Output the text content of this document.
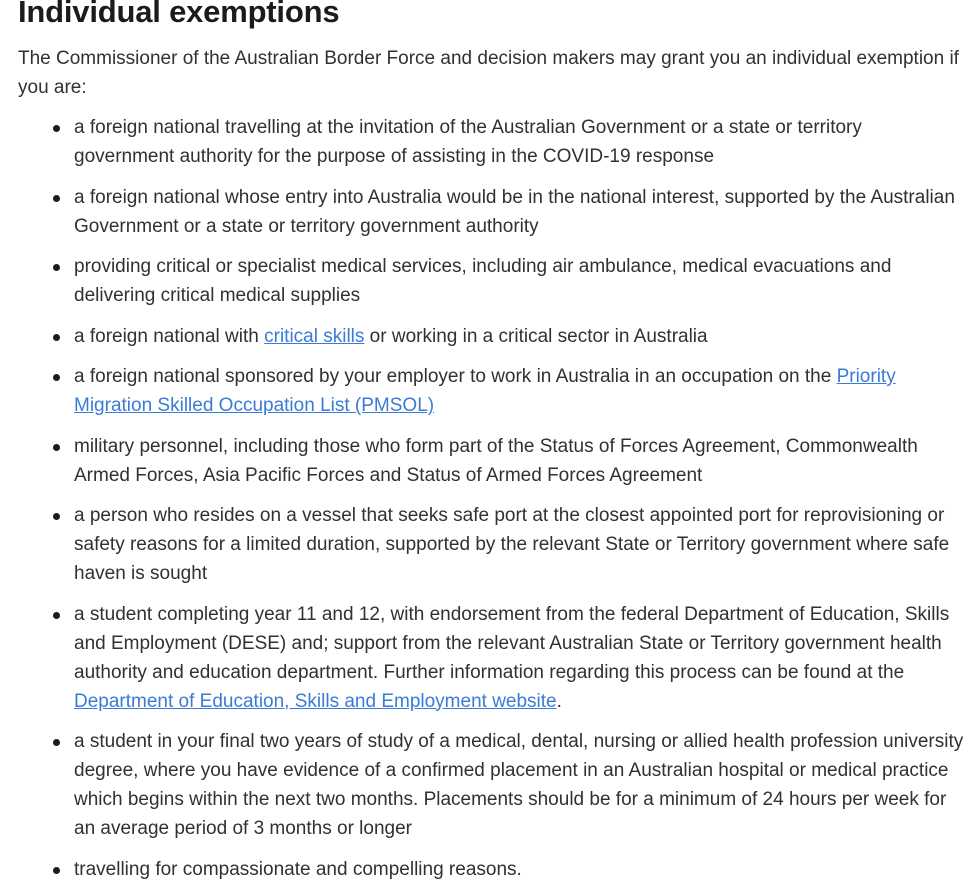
Individual exemptions

The Commissioner of the Australian Border Force and decision makers may grant you an individual exemption if you are:

a foreign national travelling at the invitation of the Australian Government or a state or territory government authority for the purpose of assisting in the COVID-19 response
a foreign national whose entry into Australia would be in the national interest, supported by the Australian Government or a state or territory government authority
providing critical or specialist medical services, including air ambulance, medical evacuations and delivering critical medical supplies
a foreign national with critical skills or working in a critical sector in Australia
a foreign national sponsored by your employer to work in Australia in an occupation on the Priority Migration Skilled Occupation List (PMSOL)
military personnel, including those who form part of the Status of Forces Agreement, Commonwealth Armed Forces, Asia Pacific Forces and Status of Armed Forces Agreement
a person who resides on a vessel that seeks safe port at the closest appointed port for reprovisioning or safety reasons for a limited duration, supported by the relevant State or Territory government where safe haven is sought
a student completing year 11 and 12, with endorsement from the federal Department of Education, Skills and Employment (DESE) and; support from the relevant Australian State or Territory government health authority and education department. Further information regarding this process can be found at the Department of Education, Skills and Employment website.
a student in your final two years of study of a medical, dental, nursing or allied health profession university degree, where you have evidence of a confirmed placement in an Australian hospital or medical practice which begins within the next two months. Placements should be for a minimum of 24 hours per week for an average period of 3 months or longer
travelling for compassionate and compelling reasons.
